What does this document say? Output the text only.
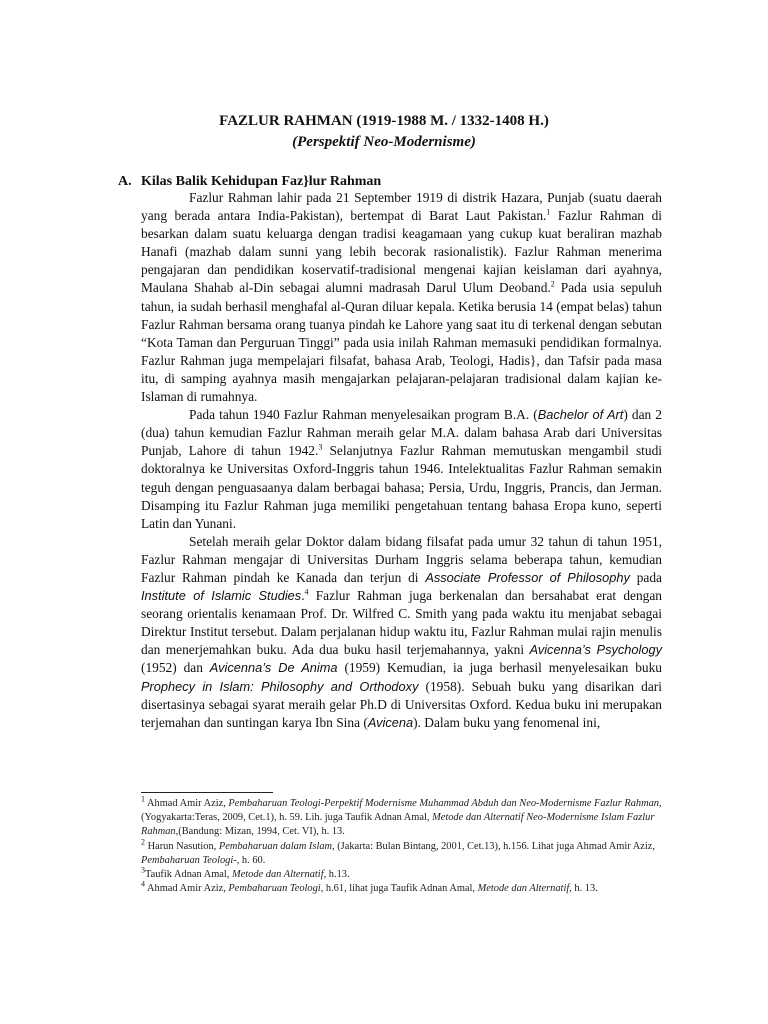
FAZLUR RAHMAN (1919-1988 M. / 1332-1408 H.)
(Perspektif Neo-Modernisme)
A. Kilas Balik Kehidupan Faz}lur Rahman

Fazlur Rahman lahir pada 21 September 1919 di distrik Hazara, Punjab (suatu daerah yang berada antara India-Pakistan), bertempat di Barat Laut Pakistan.$^1$ Fazlur Rahman di besarkan dalam suatu keluarga dengan tradisi keagamaan yang cukup kuat beraliran mazhab Hanafi (mazhab dalam sunni yang lebih becorak rasionalistik). Fazlur Rahman menerima pengajaran dan pendidikan koservatif-tradisional mengenai kajian keislaman dari ayahnya, Maulana Shahab al-Din sebagai alumni madrasah Darul Ulum Deoband.$^2$ Pada usia sepuluh tahun, ia sudah berhasil menghafal al-Quran diluar kepala. Ketika berusia 14 (empat belas) tahun Fazlur Rahman bersama orang tuanya pindah ke Lahore yang saat itu di terkenal dengan sebutan “Kota Taman dan Perguruan Tinggi” pada usia inilah Rahman memasuki pendidikan formalnya. Fazlur Rahman juga mempelajari filsafat, bahasa Arab, Teologi, Hadis}, dan Tafsir pada masa itu, di samping ayahnya masih mengajarkan pelajaran-pelajaran tradisional dalam kajian ke-Islaman di rumahnya.

Pada tahun 1940 Fazlur Rahman menyelesaikan program B.A. (Bachelor of Art) dan 2 (dua) tahun kemudian Fazlur Rahman meraih gelar M.A. dalam bahasa Arab dari Universitas Punjab, Lahore di tahun 1942.$^3$ Selanjutnya Fazlur Rahman memutuskan mengambil studi doktoralnya ke Universitas Oxford-Inggris tahun 1946. Intelektualitas Fazlur Rahman semakin teguh dengan penguasaanya dalam berbagai bahasa; Persia, Urdu, Inggris, Prancis, dan Jerman. Disamping itu Fazlur Rahman juga memiliki pengetahuan tentang bahasa Eropa kuno, seperti Latin dan Yunani.

Setelah meraih gelar Doktor dalam bidang filsafat pada umur 32 tahun di tahun 1951, Fazlur Rahman mengajar di Universitas Durham Inggris selama beberapa tahun, kemudian Fazlur Rahman pindah ke Kanada dan terjun di Associate Professor of Philosophy pada Institute of Islamic Studies.$^4$ Fazlur Rahman juga berkenalan dan bersahabat erat dengan seorang orientalis kenamaan Prof. Dr. Wilfred C. Smith yang pada waktu itu menjabat sebagai Direktur Institut tersebut. Dalam perjalanan hidup waktu itu, Fazlur Rahman mulai rajin menulis dan menerjemahkan buku. Ada dua buku hasil terjemahannya, yakni Avicenna’s Psychology (1952) dan Avicenna’s De Anima (1959) Kemudian, ia juga berhasil menyelesaikan buku Prophecy in Islam: Philosophy and Orthodoxy (1958). Sebuah buku yang disarikan dari disertasinya sebagai syarat meraih gelar Ph.D di Universitas Oxford. Kedua buku ini merupakan terjemahan dan suntingan karya Ibn Sina (Avicena). Dalam buku yang fenomenal ini,

$^1$ Ahmad Amir Aziz, Pembaharuan Teologi-Perpektif Modernisme Muhammad Abduh dan Neo-Modernisme Fazlur Rahman,(Yogyakarta:Teras, 2009, Cet.1), h. 59. Lih. juga Taufik Adnan Amal, Metode dan Alternatif Neo-Modernisme Islam Fazlur Rahman,(Bandung: Mizan, 1994, Cet. VI), h. 13.

$^2$ Harun Nasution, Pembaharuan dalam Islam, (Jakarta: Bulan Bintang, 2001, Cet.13), h.156. Lihat juga Ahmad Amir Aziz, Pembaharuan Teologi-, h. 60.

$^3$Taufik Adnan Amal, Metode dan Alternatif, h.13.

$^4$ Ahmad Amir Aziz, Pembaharuan Teologi, h.61, lihat juga Taufik Adnan Amal, Metode dan Alternatif, h. 13.
